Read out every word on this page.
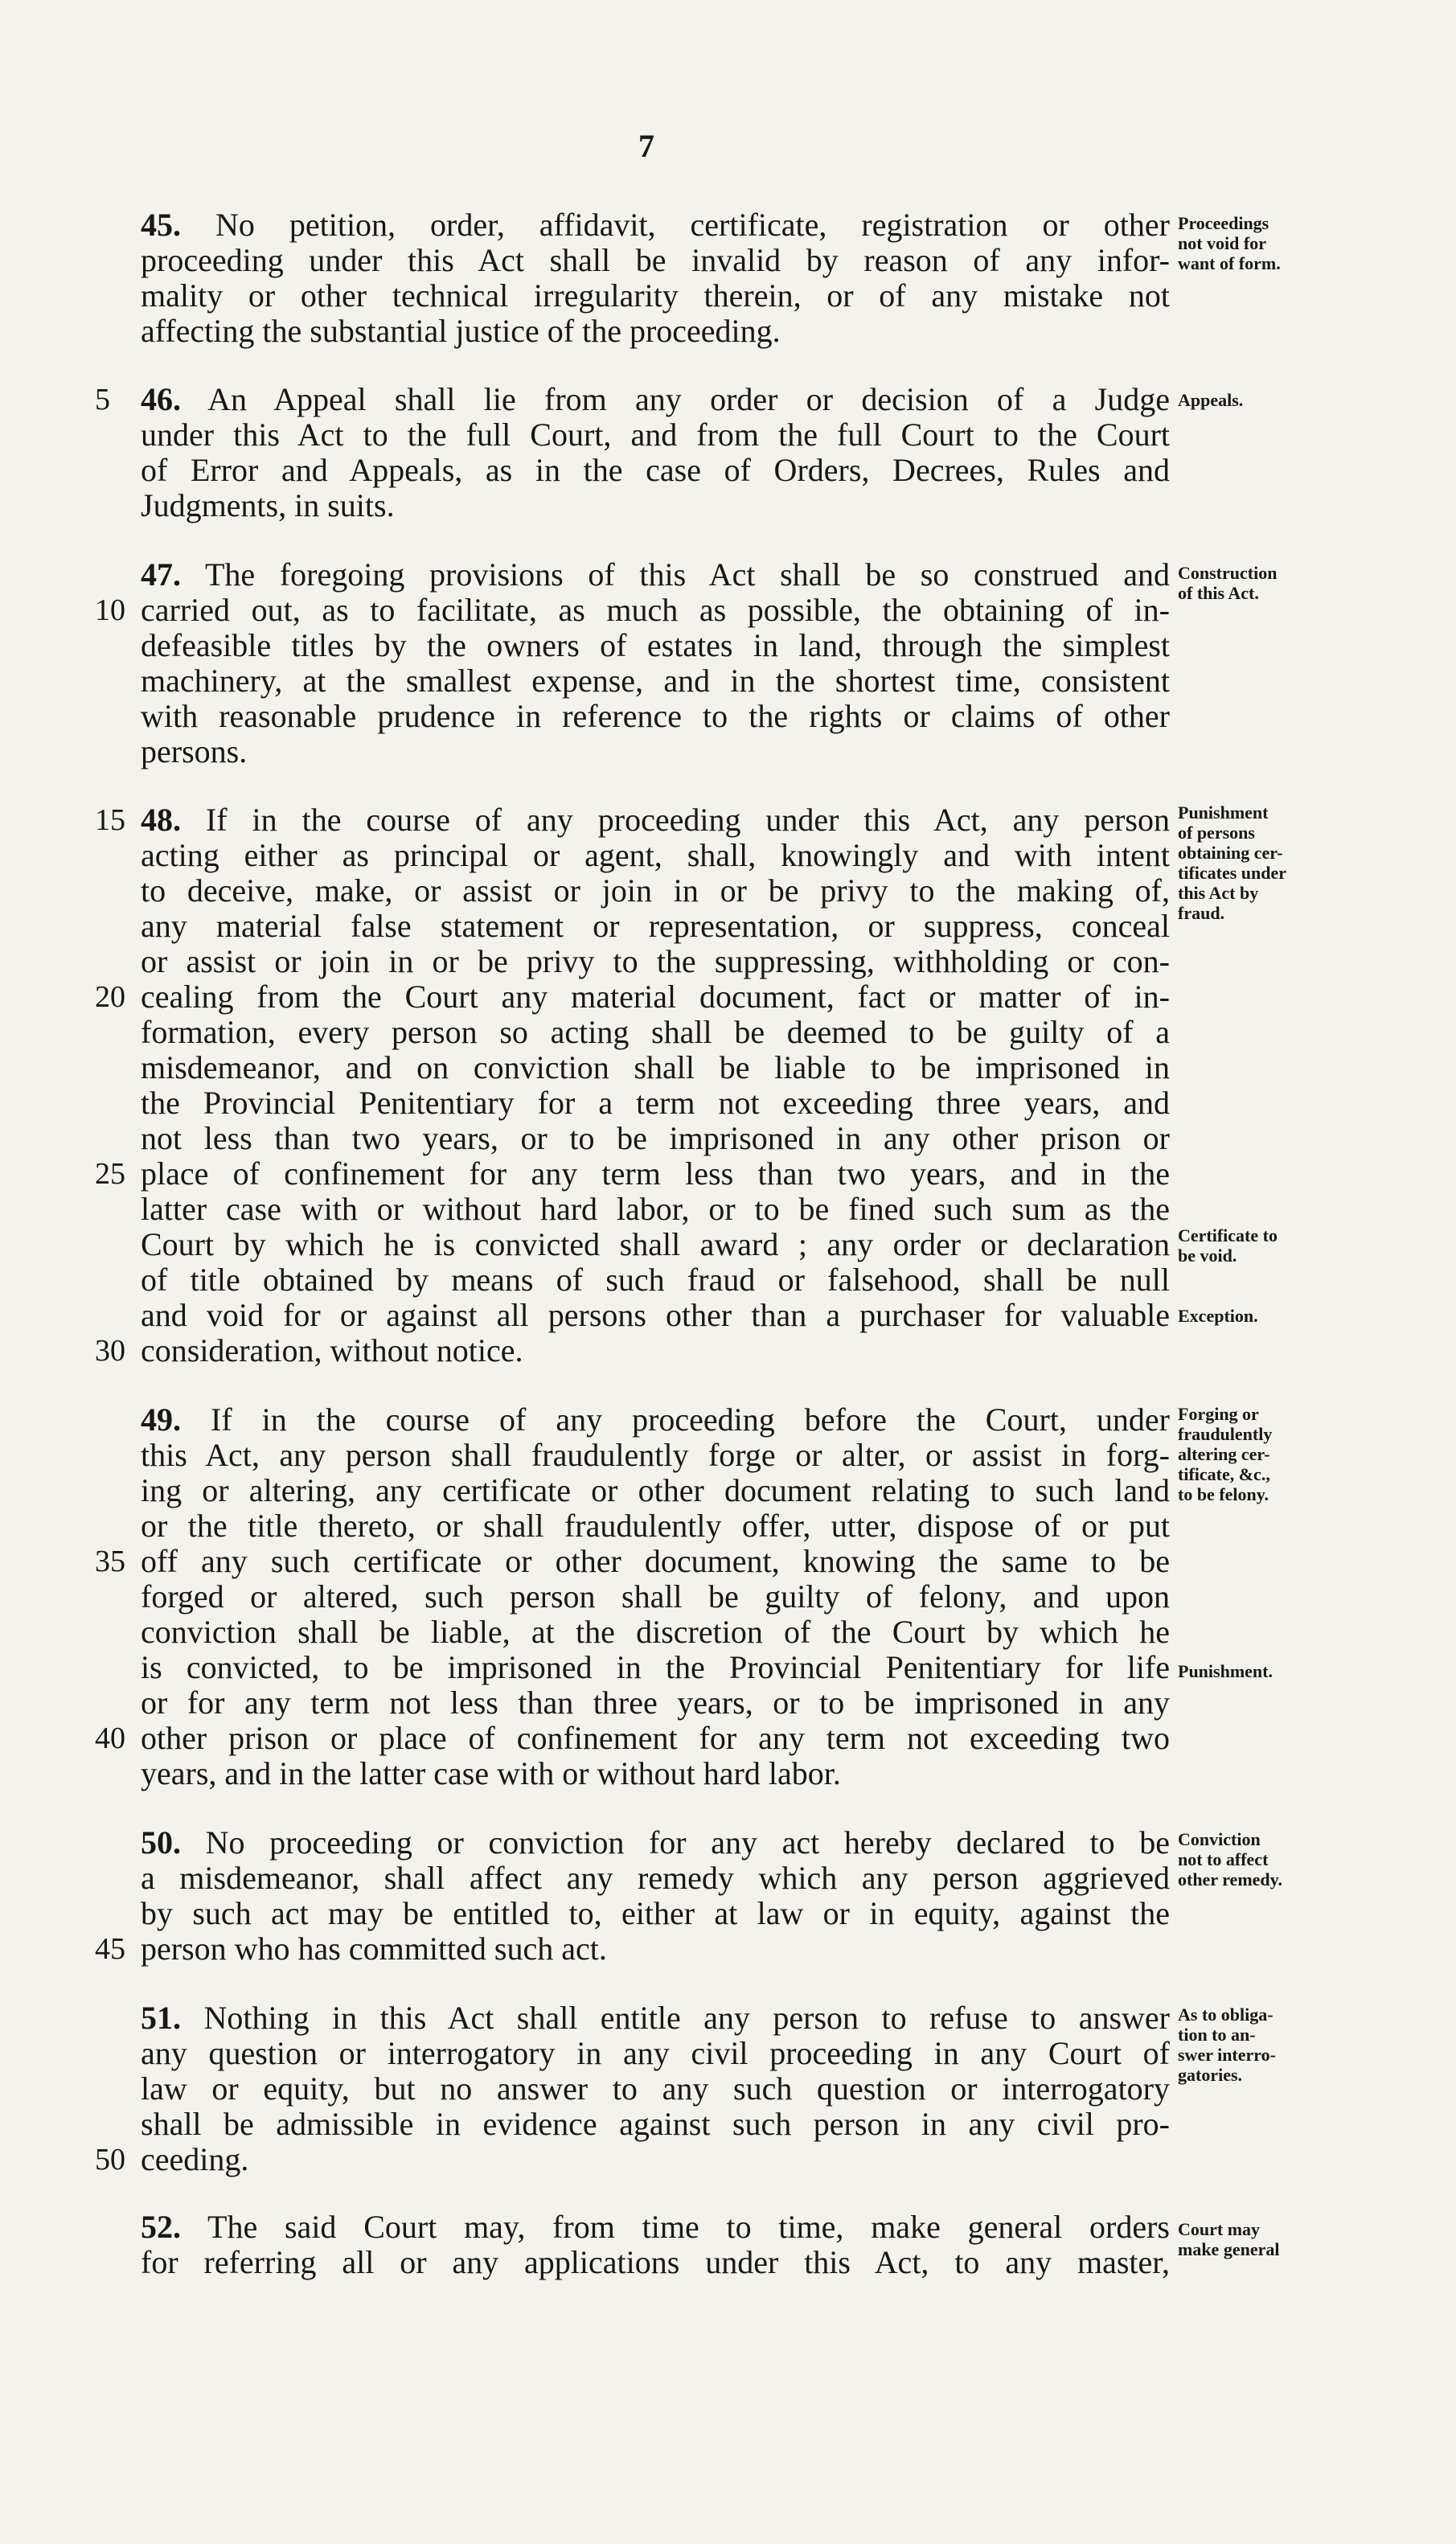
7
45. No petition, order, affidavit, certificate, registration or other
proceeding under this Act shall be invalid by reason of any infor-
mality or other technical irregularity therein, or of any mistake not
affecting the substantial justice of the proceeding.
Proceedings
not void for
want of form.
5 46. An Appeal shall lie from any order or decision of a Judge
under this Act to the full Court, and from the full Court to the Court
of Error and Appeals, as in the case of Orders, Decrees, Rules and
Judgments, in suits.
Appeals.
10
47. The foregoing provisions of this Act shall be so construed and
carried out, as to facilitate, as much as possible, the obtaining of in-
defeasible titles by the owners of estates in land, through the simplest
machinery, at the smallest expense, and in the shortest time, consistent
with reasonable prudence in reference to the rights or claims of other
persons.
Construction
of this Act.
15
20
25
30
48. If in the course of any proceeding under this Act, any person
acting either as principal or agent, shall, knowingly and with intent
to deceive, make, or assist or join in or be privy to the making of,
any material false statement or representation, or suppress, conceal
or assist or join in or be privy to the suppressing, withholding or con-
cealing from the Court any material document, fact or matter of in-
formation, every person so acting shall be deemed to be guilty of a
misdemeanor, and on conviction shall be liable to be imprisoned in
the Provincial Penitentiary for a term not exceeding three years, and
not less than two years, or to be imprisoned in any other prison or
place of confinement for any term less than two years, and in the
latter case with or without hard labor, or to be fined such sum as the
Court by which he is convicted shall award ; any order or declaration
of title obtained by means of such fraud or falsehood, shall be null
and void for or against all persons other than a purchaser for valuable
consideration, without notice.
Punishment
of persons
obtaining cer-
tificates under
this Act by
fraud.
Certificate to
be void.
Exception.
35
40
49. If in the course of any proceeding before the Court, under
this Act, any person shall fraudulently forge or alter, or assist in forg-
ing or altering, any certificate or other document relating to such land
or the title thereto, or shall fraudulently offer, utter, dispose of or put
off any such certificate or other document, knowing the same to be
forged or altered, such person shall be guilty of felony, and upon
conviction shall be liable, at the discretion of the Court by which he
is convicted, to be imprisoned in the Provincial Penitentiary for life
or for any term not less than three years, or to be imprisoned in any
other prison or place of confinement for any term not exceeding two
years, and in the latter case with or without hard labor.
Forging or
fraudulently
altering cer-
tificate, &c.,
to be felony.
Punishment.
45
50. No proceeding or conviction for any act hereby declared to be
a misdemeanor, shall affect any remedy which any person aggrieved
by such act may be entitled to, either at law or in equity, against the
person who has committed such act.
Conviction
not to affect
other remedy.
50
51. Nothing in this Act shall entitle any person to refuse to answer
any question or interrogatory in any civil proceeding in any Court of
law or equity, but no answer to any such question or interrogatory
shall be admissible in evidence against such person in any civil pro-
ceeding.
As to obliga-
tion to an-
swer interro-
gatories.
52. The said Court may, from time to time, make general orders
for referring all or any applications under this Act, to any master,
Court may
make general
